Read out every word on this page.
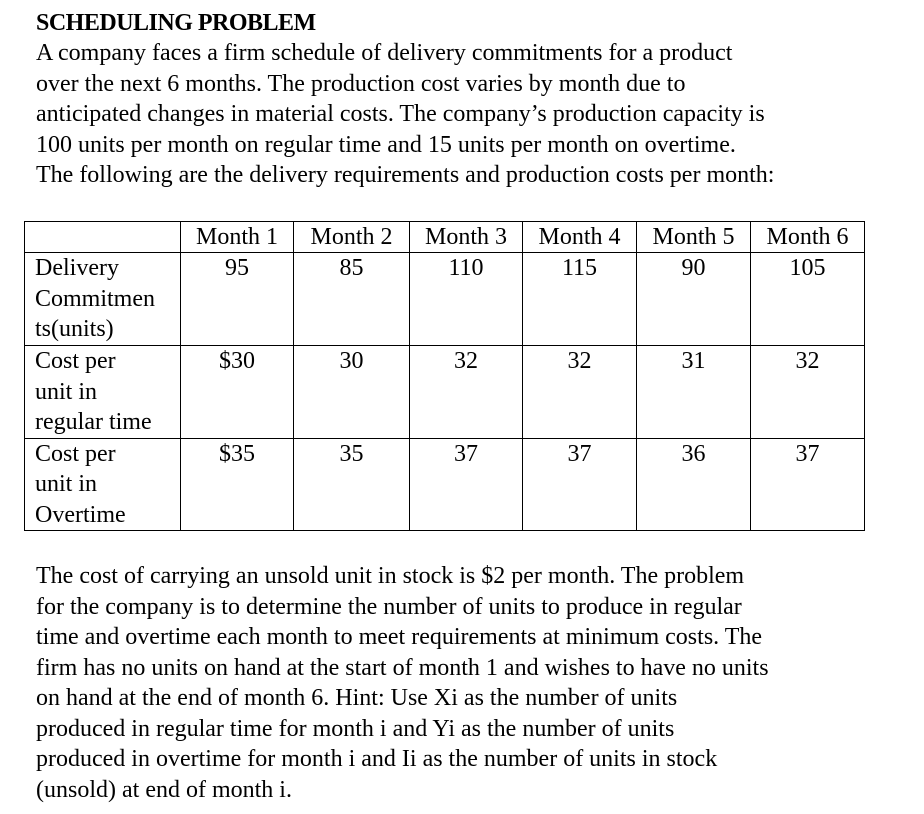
SCHEDULING PROBLEM
A company faces a firm schedule of delivery commitments for a product
over the next 6 months. The production cost varies by month due to
anticipated changes in material costs. The company’s production capacity is
100 units per month on regular time and 15 units per month on overtime.
The following are the delivery requirements and production costs per month:
	Month 1	Month 2	Month 3	Month 4	Month 5	Month 6

Delivery
Commitmen
ts(units)	95	85	110	115	90	105

Cost per
unit in
regular time	$30	30	32	32	31	32

Cost per
unit in
Overtime	$35	35	37	37	36	37
The cost of carrying an unsold unit in stock is $2 per month. The problem
for the company is to determine the number of units to produce in regular
time and overtime each month to meet requirements at minimum costs. The
firm has no units on hand at the start of month 1 and wishes to have no units
on hand at the end of month 6. Hint: Use Xi as the number of units
produced in regular time for month i and Yi as the number of units
produced in overtime for month i and Ii as the number of units in stock
(unsold) at end of month i.
